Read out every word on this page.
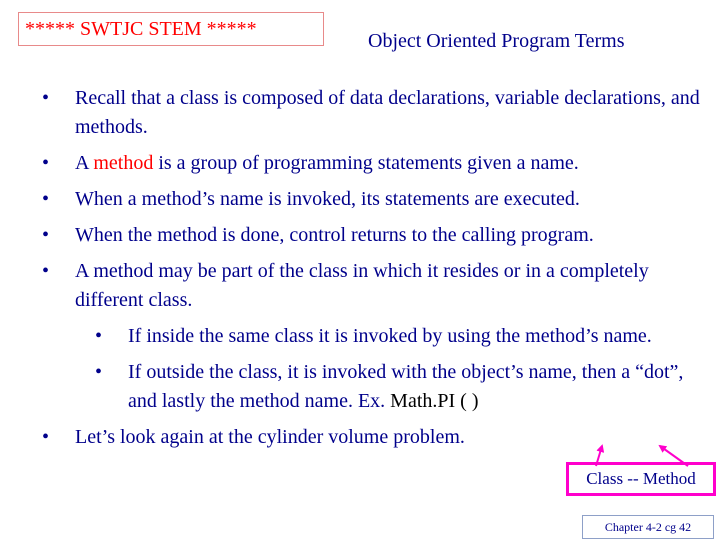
***** SWTJC STEM *****
Object Oriented Program Terms
• Recall that a class is composed of data declarations, variable declarations, and methods.
• A method is a group of programming statements given a name.
• When a method’s name is invoked, its statements are executed.
• When the method is done, control returns to the calling program.
• A method may be part of the class in which it resides or in a completely different class.
• If inside the same class it is invoked by using the method’s name.
• If outside the class, it is invoked with the object’s name, then a “dot”, and lastly the method name. Ex. Math.PI ( )
• Let’s look again at the cylinder volume problem.
Class -- Method
Chapter 4-2 cg 42
